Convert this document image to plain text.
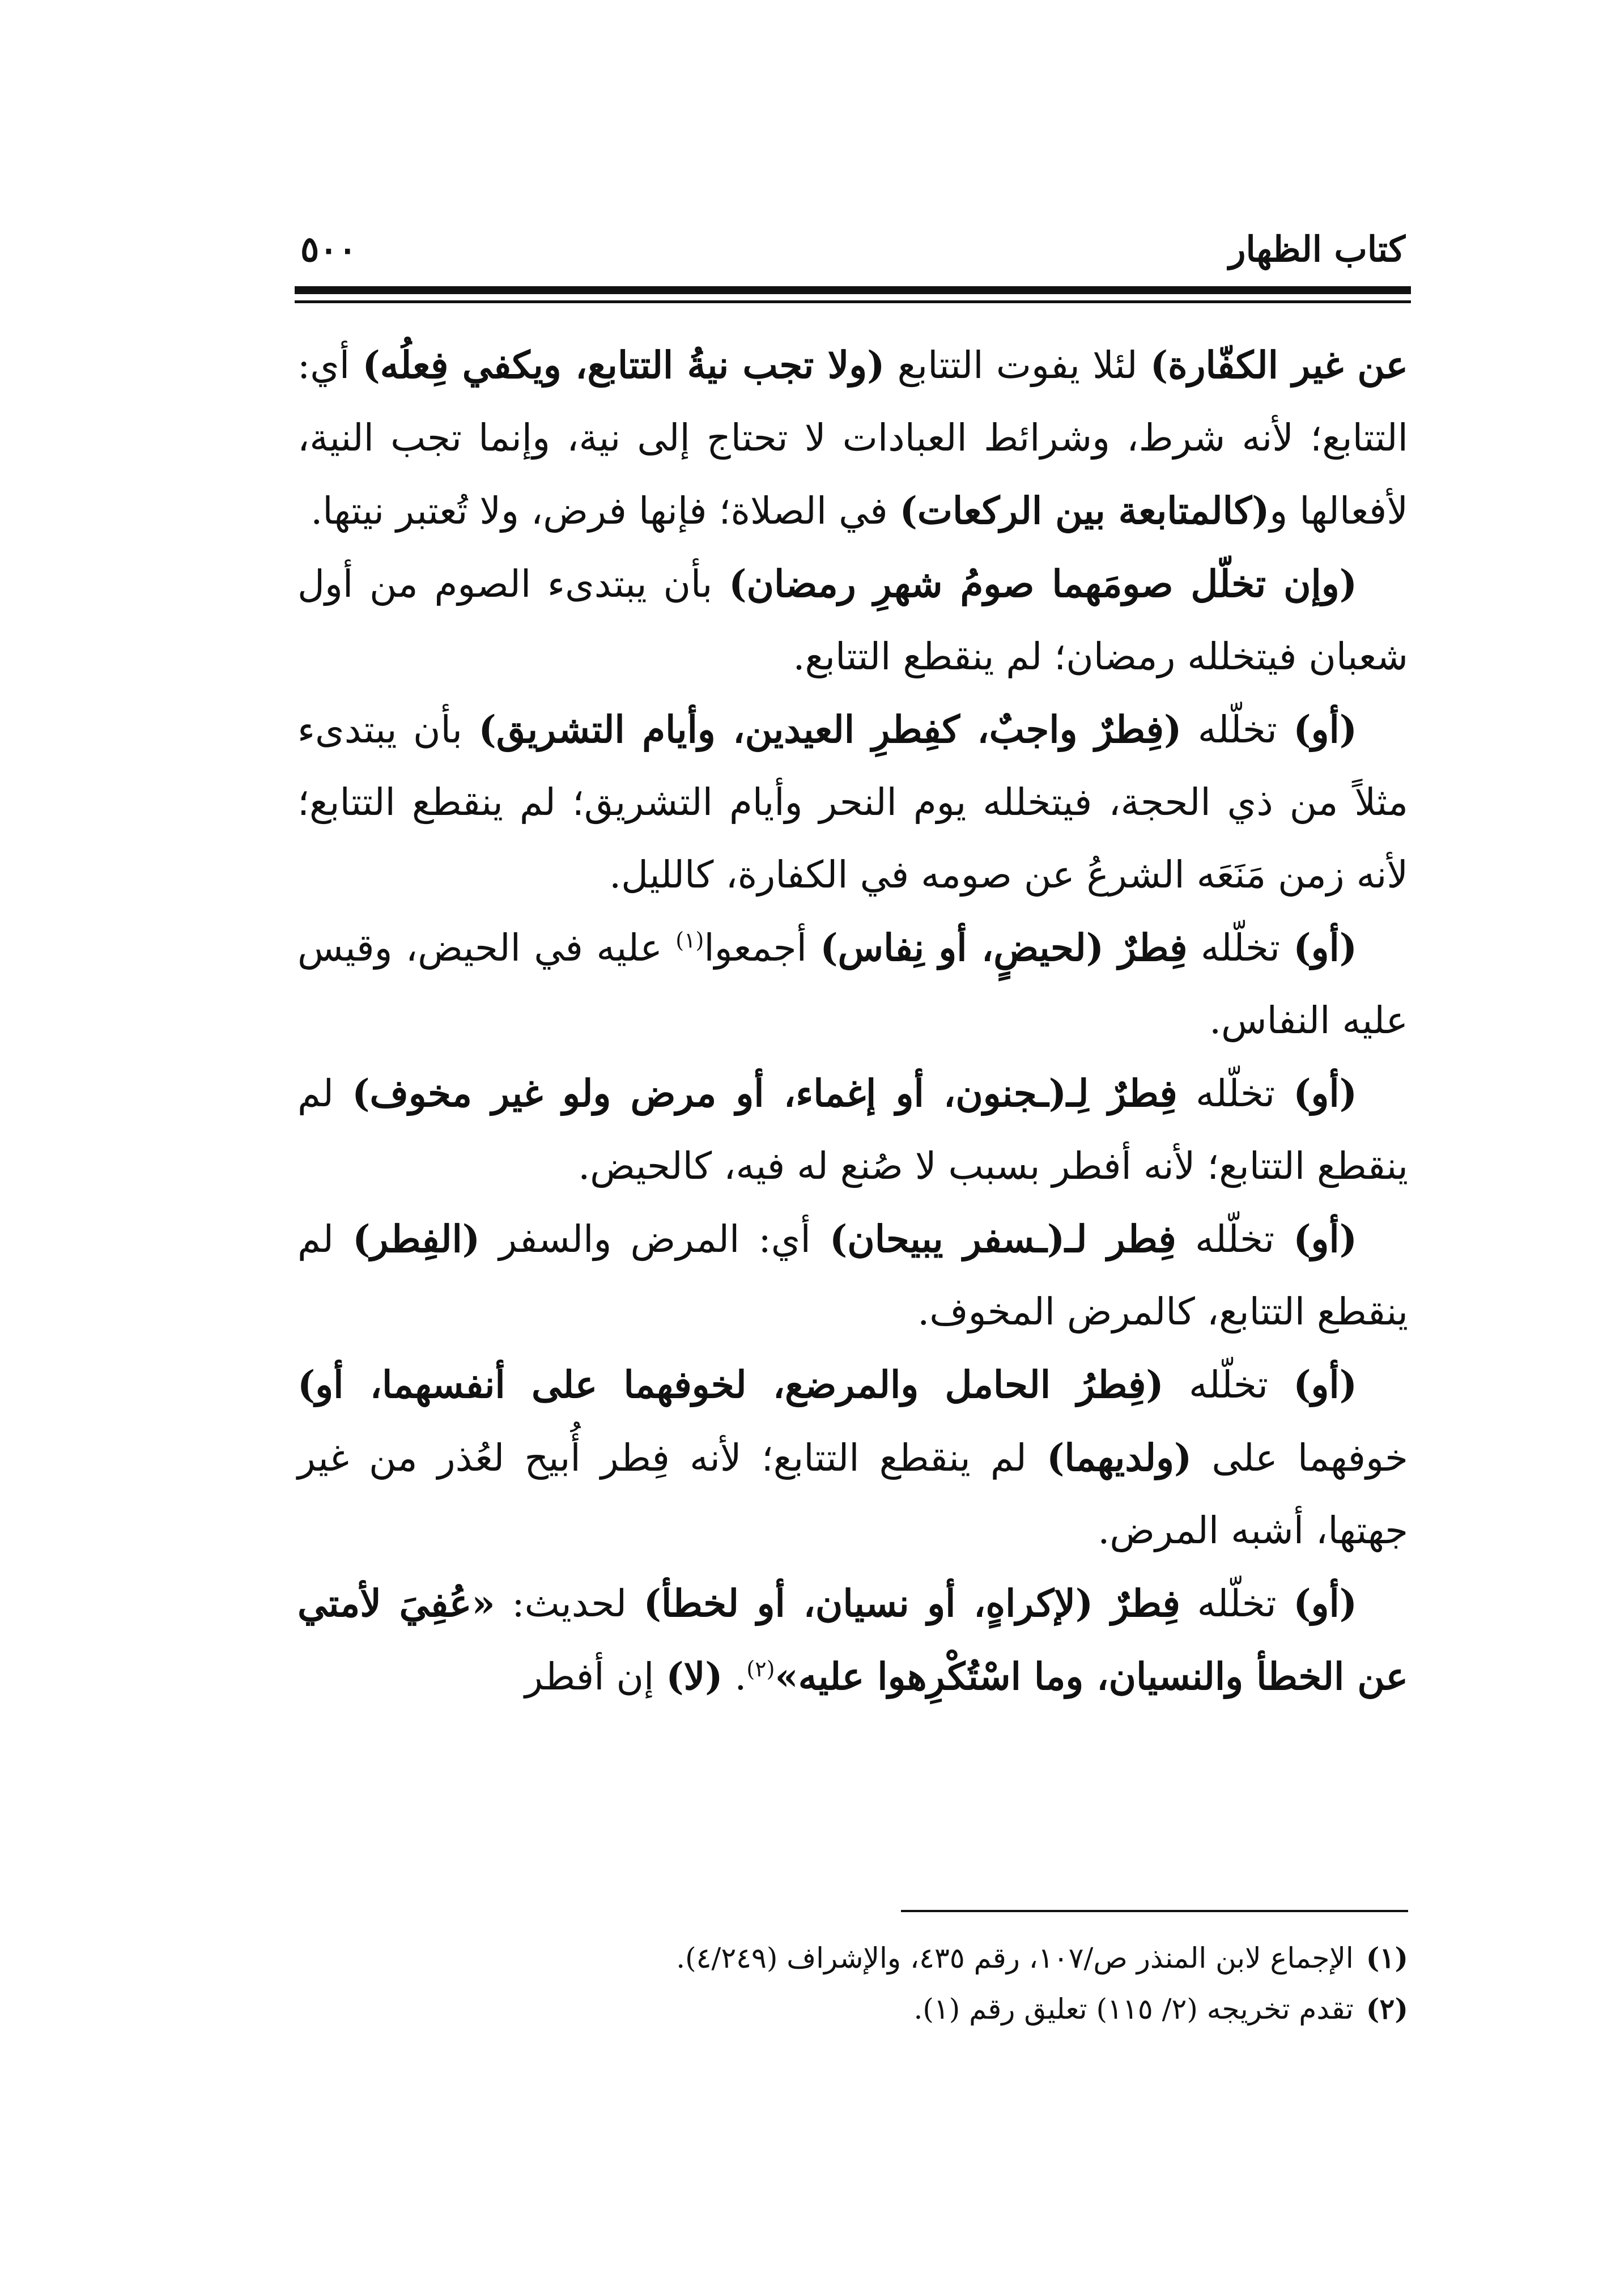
كتاب الظهار
٥٠٠

عن غير الكفّارة) لئلا يفوت التتابع (ولا تجب نيةُ التتابع، ويكفي فِعلُه) أي: التتابع؛ لأنه شرط، وشرائط العبادات لا تحتاج إلى نية، وإنما تجب النية، لأفعالها و(كالمتابعة بين الركعات) في الصلاة؛ فإنها فرض، ولا تُعتبر نيتها.

(وإن تخلّل صومَهما صومُ شهرِ رمضان) بأن يبتدىء الصوم من أول شعبان فيتخلله رمضان؛ لم ينقطع التتابع.

(أو) تخلّله (فِطرٌ واجبٌ، كفِطرِ العيدين، وأيام التشريق) بأن يبتدىء مثلاً من ذي الحجة، فيتخلله يوم النحر وأيام التشريق؛ لم ينقطع التتابع؛ لأنه زمن مَنَعَه الشرعُ عن صومه في الكفارة، كالليل.

(أو) تخلّله فِطرٌ (لحيضٍ، أو نِفاس) أجمعوا$^{(١)}$ عليه في الحيض، وقيس عليه النفاس.

(أو) تخلّله فِطرٌ لِـ(ـجنون، أو إغماء، أو مرض ولو غير مخوف) لم ينقطع التتابع؛ لأنه أفطر بسبب لا صُنع له فيه، كالحيض.

(أو) تخلّله فِطر لـ(ـسفر يبيحان) أي: المرض والسفر (الفِطر) لم ينقطع التتابع، كالمرض المخوف.

(أو) تخلّله (فِطرُ الحامل والمرضع، لخوفهما على أنفسهما، أو) خوفهما على (ولديهما) لم ينقطع التتابع؛ لأنه فِطر أُبيح لعُذر من غير جهتها، أشبه المرض.

(أو) تخلّله فِطرٌ (لإكراهٍ، أو نسيان، أو لخطأ) لحديث: «عُفِيَ لأمتي عن الخطأ والنسيان، وما اسْتُكْرِهوا عليه»$^{(٢)}$. (لا) إن أفطر

(١)الإجماع لابن المنذر ص/١٠٧، رقم ٤٣٥، والإشراف (٤/٢٤٩).

(٢)تقدم تخريجه (٢/ ١١٥) تعليق رقم (١).
